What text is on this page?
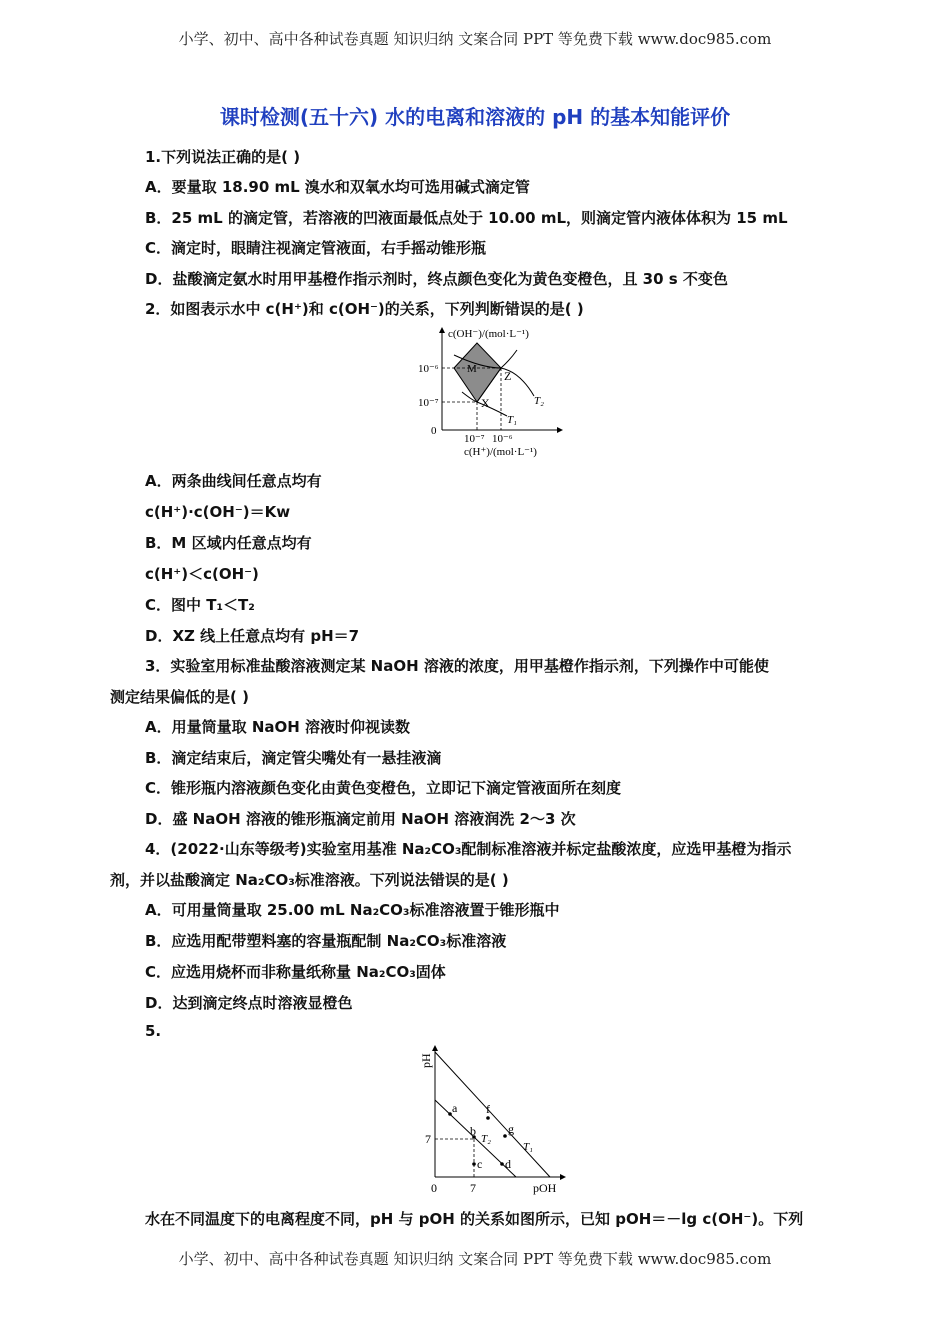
小学、初中、高中各种试卷真题 知识归纳 文案合同 PPT 等免费下载 www.doc985.com
课时检测(五十六) 水的电离和溶液的 pH 的基本知能评价
1.下列说法正确的是( )
A．要量取 18.90 mL 溴水和双氧水均可选用碱式滴定管
B．25 mL 的滴定管，若溶液的凹液面最低点处于 10.00 mL，则滴定管内液体体积为 15 mL
C．滴定时，眼睛注视滴定管液面，右手摇动锥形瓶
D．盐酸滴定氨水时用甲基橙作指示剂时，终点颜色变化为黄色变橙色，且 30 s 不变色
2．如图表示水中 c(H⁺)和 c(OH⁻)的关系，下列判断错误的是( )
c(OH⁻)/(mol·L⁻¹)
c(H⁺)/(mol·L⁻¹)
10⁻⁶
10⁻⁷
0
10⁻⁷ 10⁻⁶
M Z
X	T₂
T₁
A．两条曲线间任意点均有
c(H⁺)·c(OH⁻)＝Kw
B．M 区域内任意点均有
c(H⁺)＜c(OH⁻)
C．图中 T₁＜T₂
D．XZ 线上任意点均有 pH＝7
3．实验室用标准盐酸溶液测定某 NaOH 溶液的浓度，用甲基橙作指示剂，下列操作中可能使
测定结果偏低的是( )
A．用量筒量取 NaOH 溶液时仰视读数
B．滴定结束后，滴定管尖嘴处有一悬挂液滴
C．锥形瓶内溶液颜色变化由黄色变橙色，立即记下滴定管液面所在刻度
D．盛 NaOH 溶液的锥形瓶滴定前用 NaOH 溶液润洗 2～3 次
4．(2022·山东等级考)实验室用基准 Na₂CO₃配制标准溶液并标定盐酸浓度，应选甲基橙为指示
剂，并以盐酸滴定 Na₂CO₃标准溶液。下列说法错误的是( )
A．可用量筒量取 25.00 mL Na₂CO₃标准溶液置于锥形瓶中
B．应选用配带塑料塞的容量瓶配制 Na₂CO₃标准溶液
C．应选用烧杯而非称量纸称量 Na₂CO₃固体
D．达到滴定终点时溶液显橙色
5.
pH
pOH
7
0	7
a
b
c d
f
g
T₂
T₁
水在不同温度下的电离程度不同，pH 与 pOH 的关系如图所示，已知 pOH＝－lg c(OH⁻)。下列
小学、初中、高中各种试卷真题 知识归纳 文案合同 PPT 等免费下载 www.doc985.com
